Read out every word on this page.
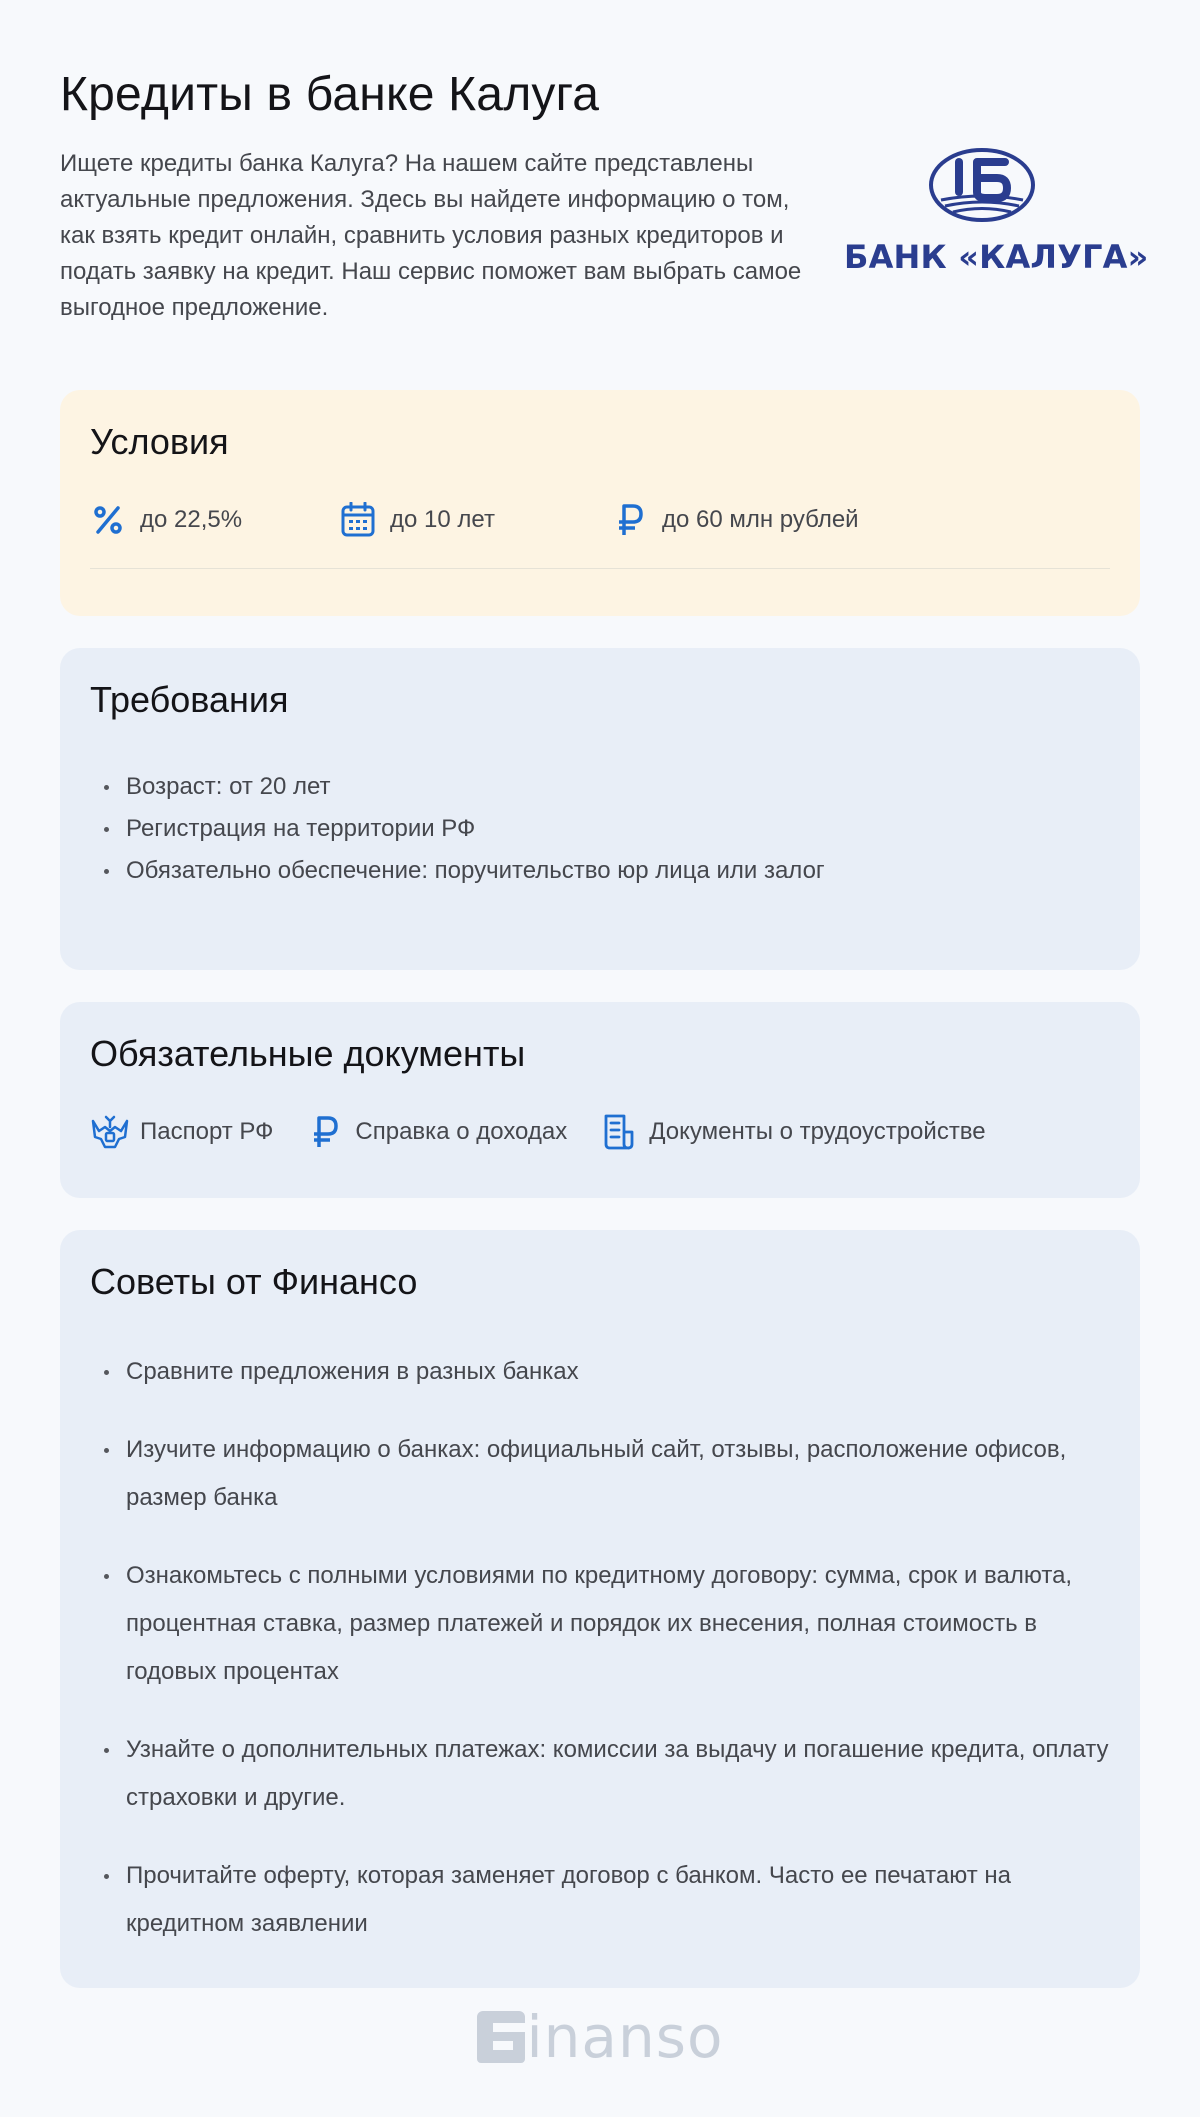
Кредиты в банке Калуга

Ищете кредиты банка Калуга? На нашем сайте представлены актуальные предложения. Здесь вы найдете информацию о том, как взять кредит онлайн, сравнить условия разных кредиторов и подать заявку на кредит. Наш сервис поможет вам выбрать самое выгодное предложение.

БАНК «КАЛУГА»
Условия
до 22,5%	до 10 лет	до 60 млн рублей
Требования
Возраст: от 20 лет
Регистрация на территории РФ
Обязательно обеспечение: поручительство юр лица или залог
Обязательные документы
Паспорт РФ	Справка о доходах	Документы о трудоустройстве
Советы от Финансо
Сравните предложения в разных банках
Изучите информацию о банках: официальный сайт, отзывы, расположение офисов, размер банка
Ознакомьтесь с полными условиями по кредитному договору: сумма, срок и валюта, процентная ставка, размер платежей и порядок их внесения, полная стоимость в годовых процентах
Узнайте о дополнительных платежах: комиссии за выдачу и погашение кредита, оплату страховки и другие.
Прочитайте оферту, которая заменяет договор с банком. Часто ее печатают на кредитном заявлении
inanso
